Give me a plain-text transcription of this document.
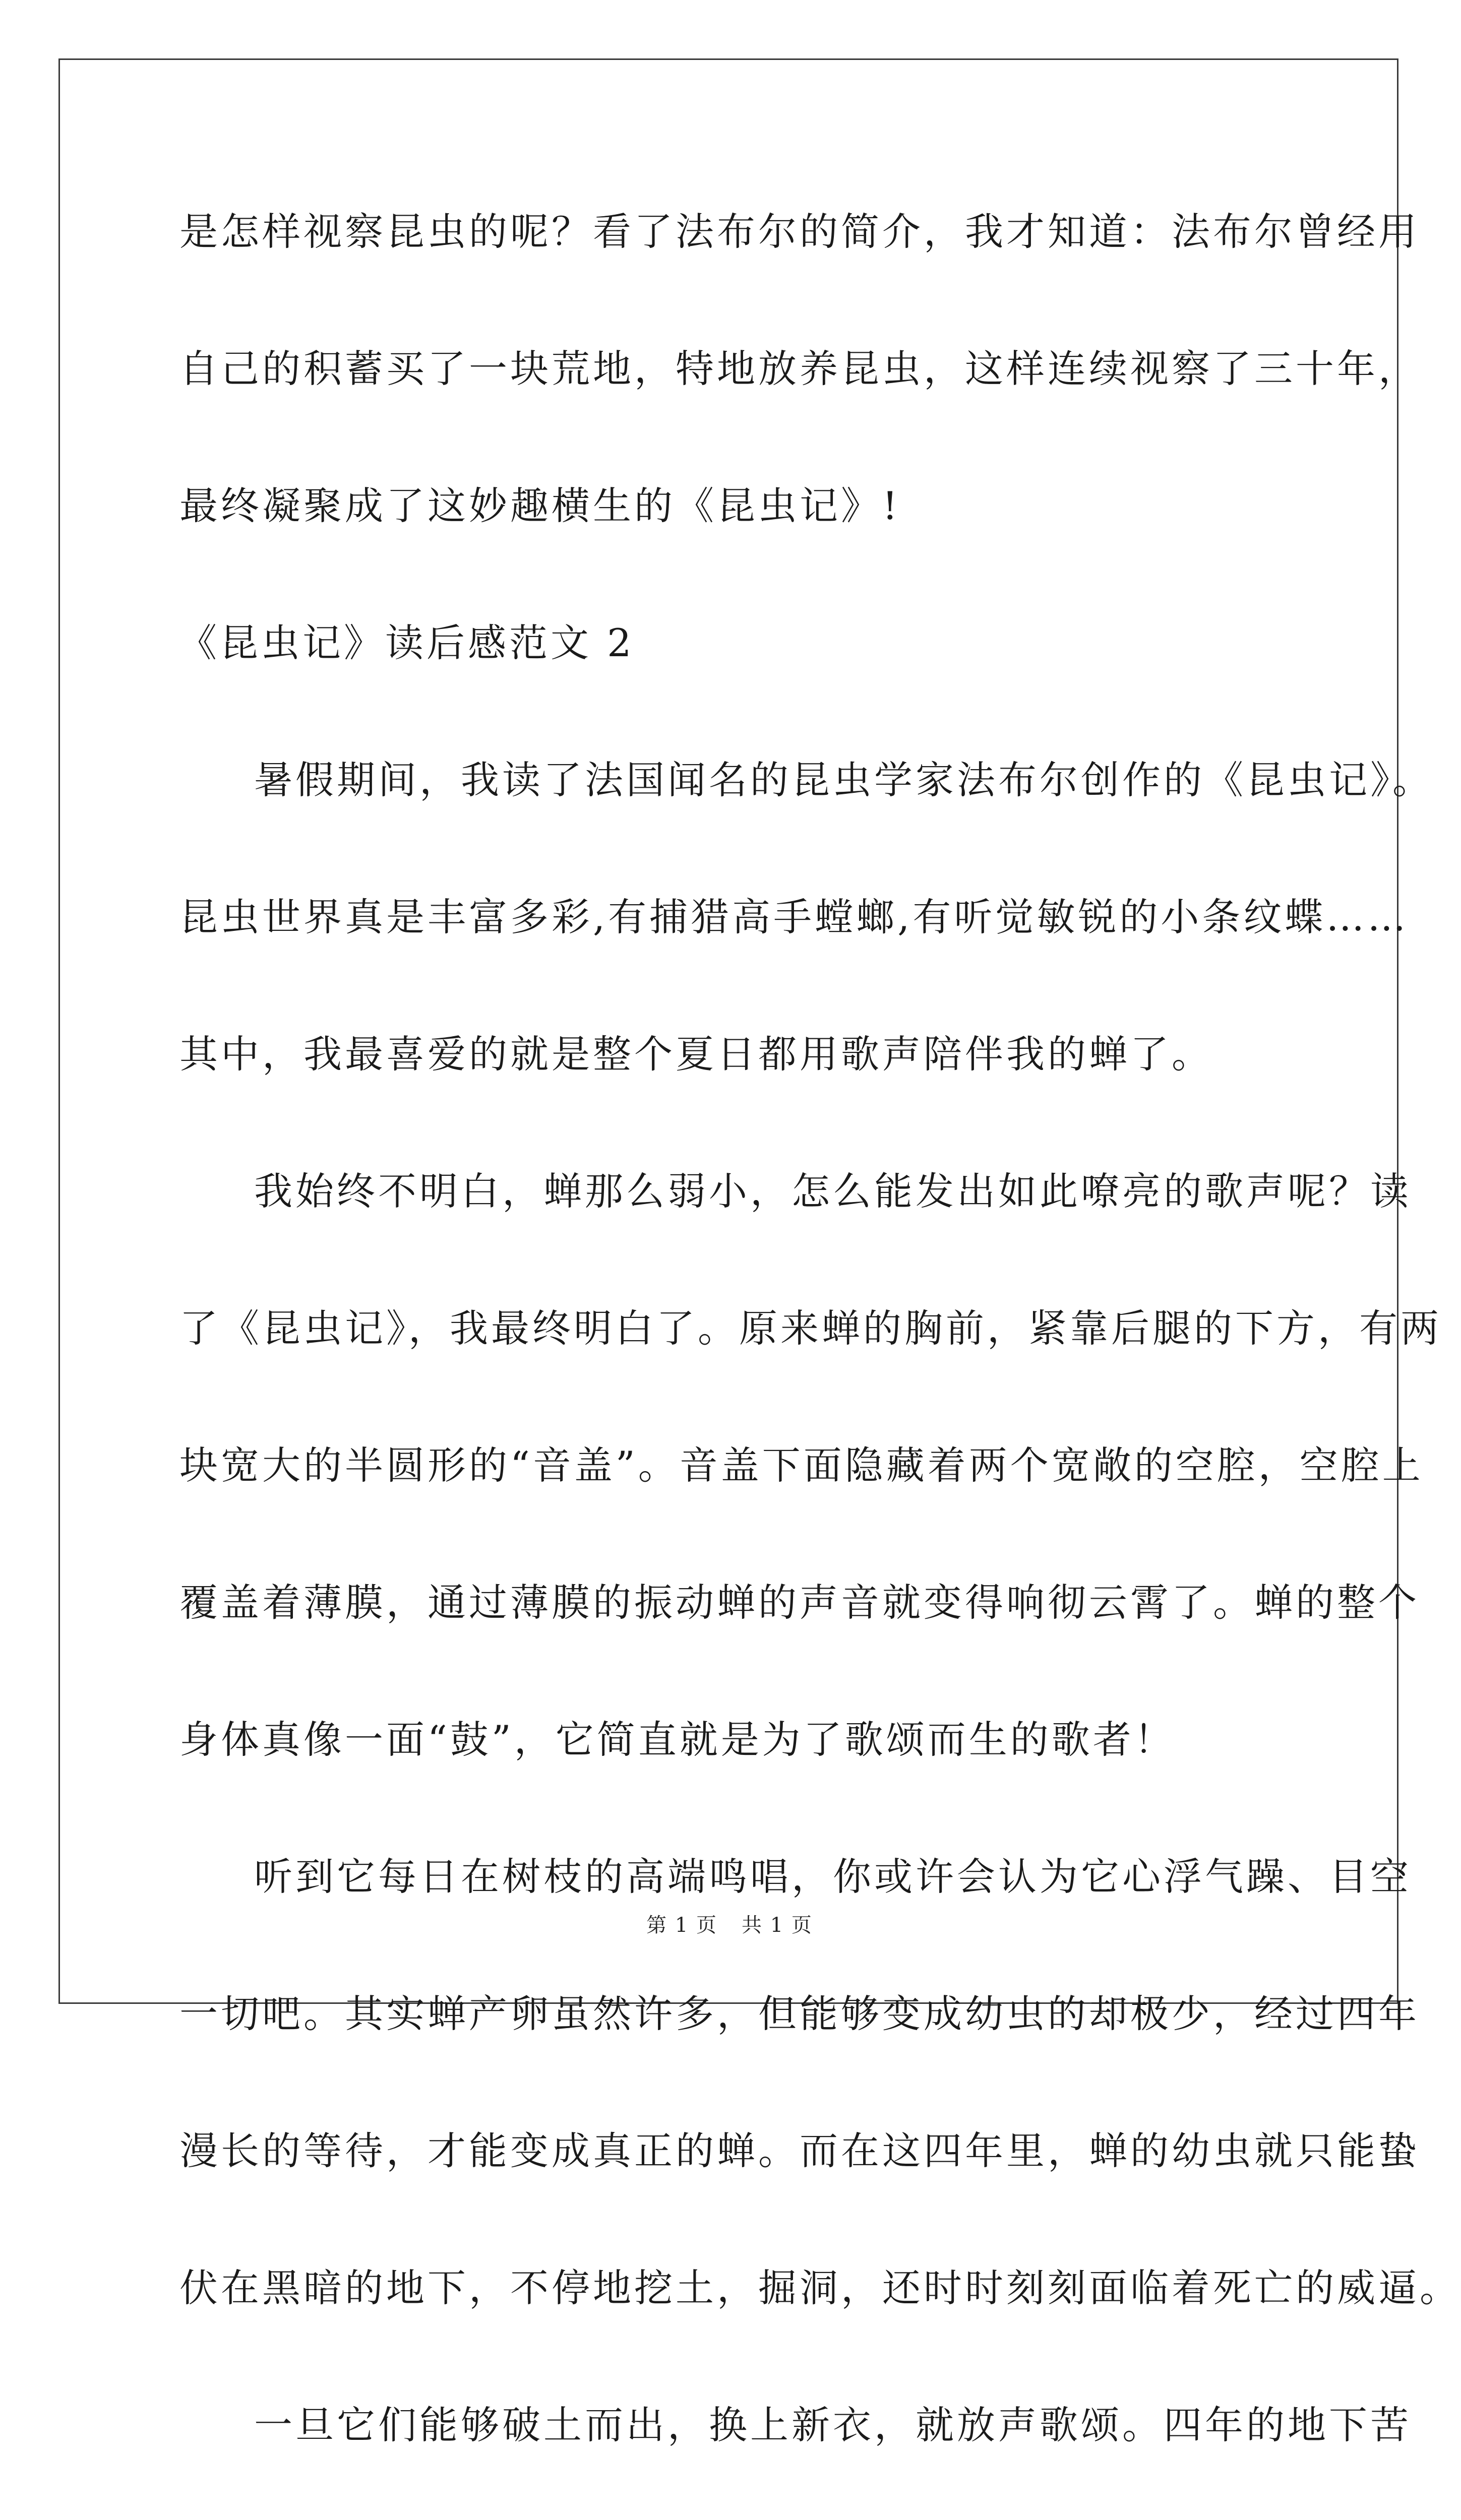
是怎样视察昆虫的呢？看了法布尔的简介，我才知道：法布尔曾经用
自己的积蓄买了一块荒地，特地放养昆虫，这样连续视察了三十年，
最终凝聚成了这妙趣横生的《昆虫记》!
《昆虫记》读后感范文 2
暑假期间，我读了法国闻名的昆虫学家法布尔创作的《昆虫记》。
昆虫世界真是丰富多彩,有捕猎高手螳螂,有听觉敏锐的小条纹蝶……
其中，我最喜爱的就是整个夏日都用歌声陪伴我的蝉了。
我始终不明白，蝉那么弱小，怎么能发出如此嘹亮的歌声呢？读
了《昆虫记》，我最终明白了。原来蝉的胸前，紧靠后腿的下方，有两
块宽大的半圆形的“音盖”。音盖下面隐藏着两个宽敞的空腔，空腔上
覆盖着薄膜，通过薄膜的振动蝉的声音就变得响彻云霄了。蝉的整个
身体真像一面“鼓”，它简直就是为了歌颂而生的歌者！
听到它每日在树枝的高端鸣唱，你或许会认为它心浮气躁、目空
一切吧。其实蝉产卵虽然许多，但能够变成幼虫的却极少，经过四年
漫长的等待，才能变成真正的蝉。而在这四年里，蝉的幼虫就只能蛰
伏在黑暗的地下，不停地挖土，掘洞，还时时刻刻面临着死亡的威逼。
一旦它们能够破土而出，换上新衣，就放声歌颂。四年的地下苦
第 1 页 共 1 页
